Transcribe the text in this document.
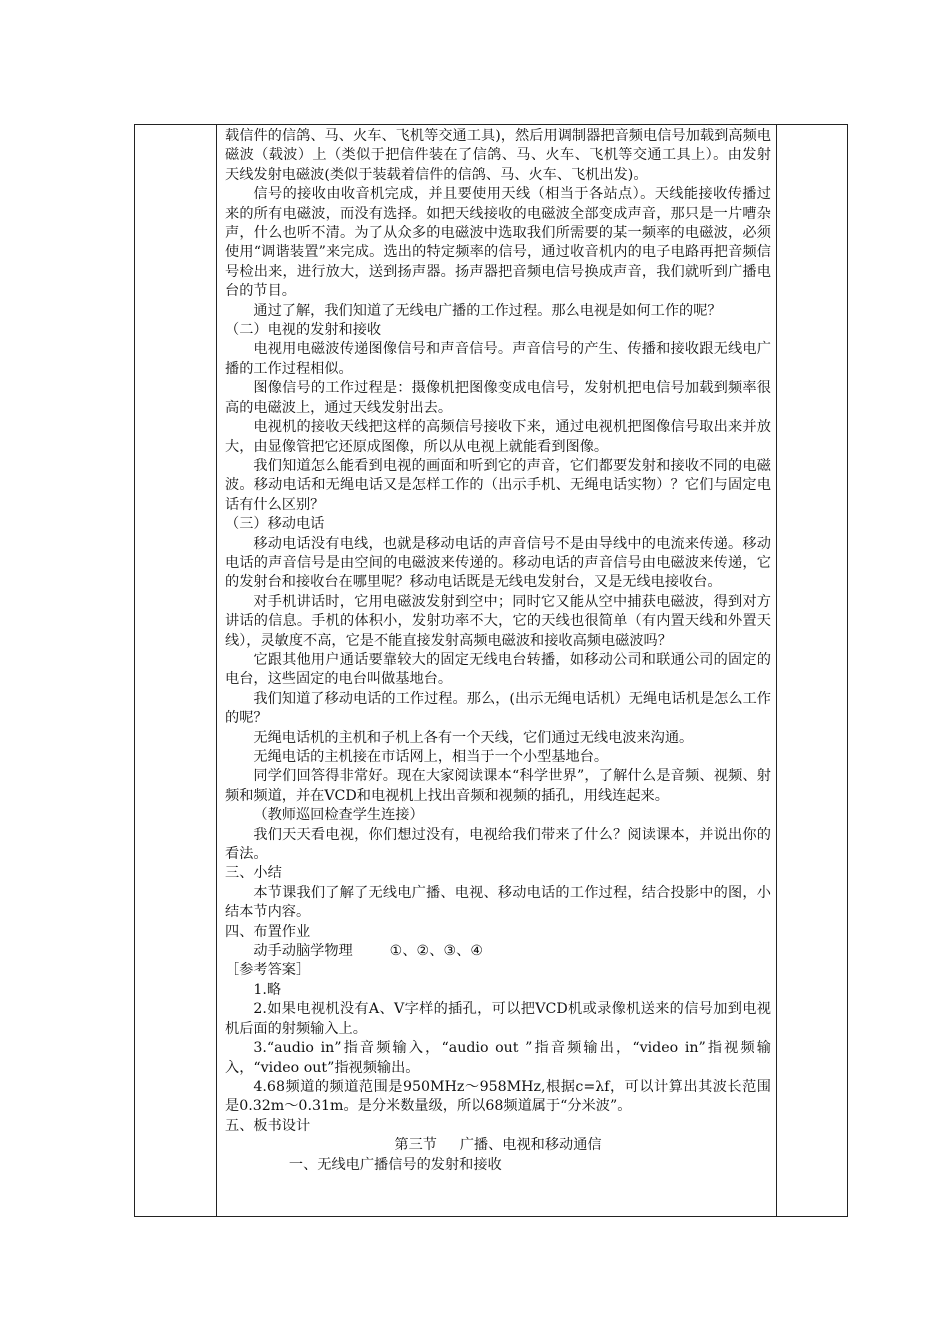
载信件的信鸽、马、火车、飞机等交通工具)，然后用调制器把音频电信号加载到高频电磁波（载波）上（类似于把信件装在了信鸽、马、火车、飞机等交通工具上）。由发射天线发射电磁波(类似于装载着信件的信鸽、马、火车、飞机出发)。

信号的接收由收音机完成，并且要使用天线（相当于各站点）。天线能接收传播过来的所有电磁波，而没有选择。如把天线接收的电磁波全部变成声音，那只是一片嘈杂声，什么也听不清。为了从众多的电磁波中选取我们所需要的某一频率的电磁波，必须使用“调谐装置”来完成。选出的特定频率的信号，通过收音机内的电子电路再把音频信号检出来，进行放大，送到扬声器。扬声器把音频电信号换成声音，我们就听到广播电台的节目。

通过了解，我们知道了无线电广播的工作过程。那么电视是如何工作的呢？

（二）电视的发射和接收

电视用电磁波传递图像信号和声音信号。声音信号的产生、传播和接收跟无线电广播的工作过程相似。

图像信号的工作过程是：摄像机把图像变成电信号，发射机把电信号加载到频率很高的电磁波上，通过天线发射出去。

电视机的接收天线把这样的高频信号接收下来，通过电视机把图像信号取出来并放大，由显像管把它还原成图像，所以从电视上就能看到图像。

我们知道怎么能看到电视的画面和听到它的声音，它们都要发射和接收不同的电磁波。移动电话和无绳电话又是怎样工作的（出示手机、无绳电话实物）？它们与固定电话有什么区别？

（三）移动电话

移动电话没有电线，也就是移动电话的声音信号不是由导线中的电流来传递。移动电话的声音信号是由空间的电磁波来传递的。移动电话的声音信号由电磁波来传递，它的发射台和接收台在哪里呢？移动电话既是无线电发射台，又是无线电接收台。

对手机讲话时，它用电磁波发射到空中；同时它又能从空中捕获电磁波，得到对方讲话的信息。手机的体积小，发射功率不大，它的天线也很简单（有内置天线和外置天线），灵敏度不高，它是不能直接发射高频电磁波和接收高频电磁波吗？

它跟其他用户通话要靠较大的固定无线电台转播，如移动公司和联通公司的固定的电台，这些固定的电台叫做基地台。

我们知道了移动电话的工作过程。那么，(出示无绳电话机）无绳电话机是怎么工作的呢？

无绳电话机的主机和子机上各有一个天线，它们通过无线电波来沟通。

无绳电话的主机接在市话网上，相当于一个小型基地台。

同学们回答得非常好。现在大家阅读课本“科学世界”，了解什么是音频、视频、射频和频道，并在VCD和电视机上找出音频和视频的插孔，用线连起来。

（教师巡回检查学生连接）

我们天天看电视，你们想过没有，电视给我们带来了什么？阅读课本，并说出你的看法。

三、小结

本节课我们了解了无线电广播、电视、移动电话的工作过程，结合投影中的图，小结本节内容。

四、布置作业

动手动脑学物理	①、②、③、④

［参考答案］

1.略

2.如果电视机没有A、V字样的插孔，可以把VCD机或录像机送来的信号加到电视机后面的射频输入上。

3.“audio in”指音频输入，“audio out ”指音频输出，“video in”指视频输入，“video out”指视频输出。

4.68频道的频道范围是950MHz～958MHz,根据c=λf，可以计算出其波长范围是0.32m～0.31m。是分米数量级，所以68频道属于“分米波”。

五、板书设计

第三节 广播、电视和移动通信

一、无线电广播信号的发射和接收
